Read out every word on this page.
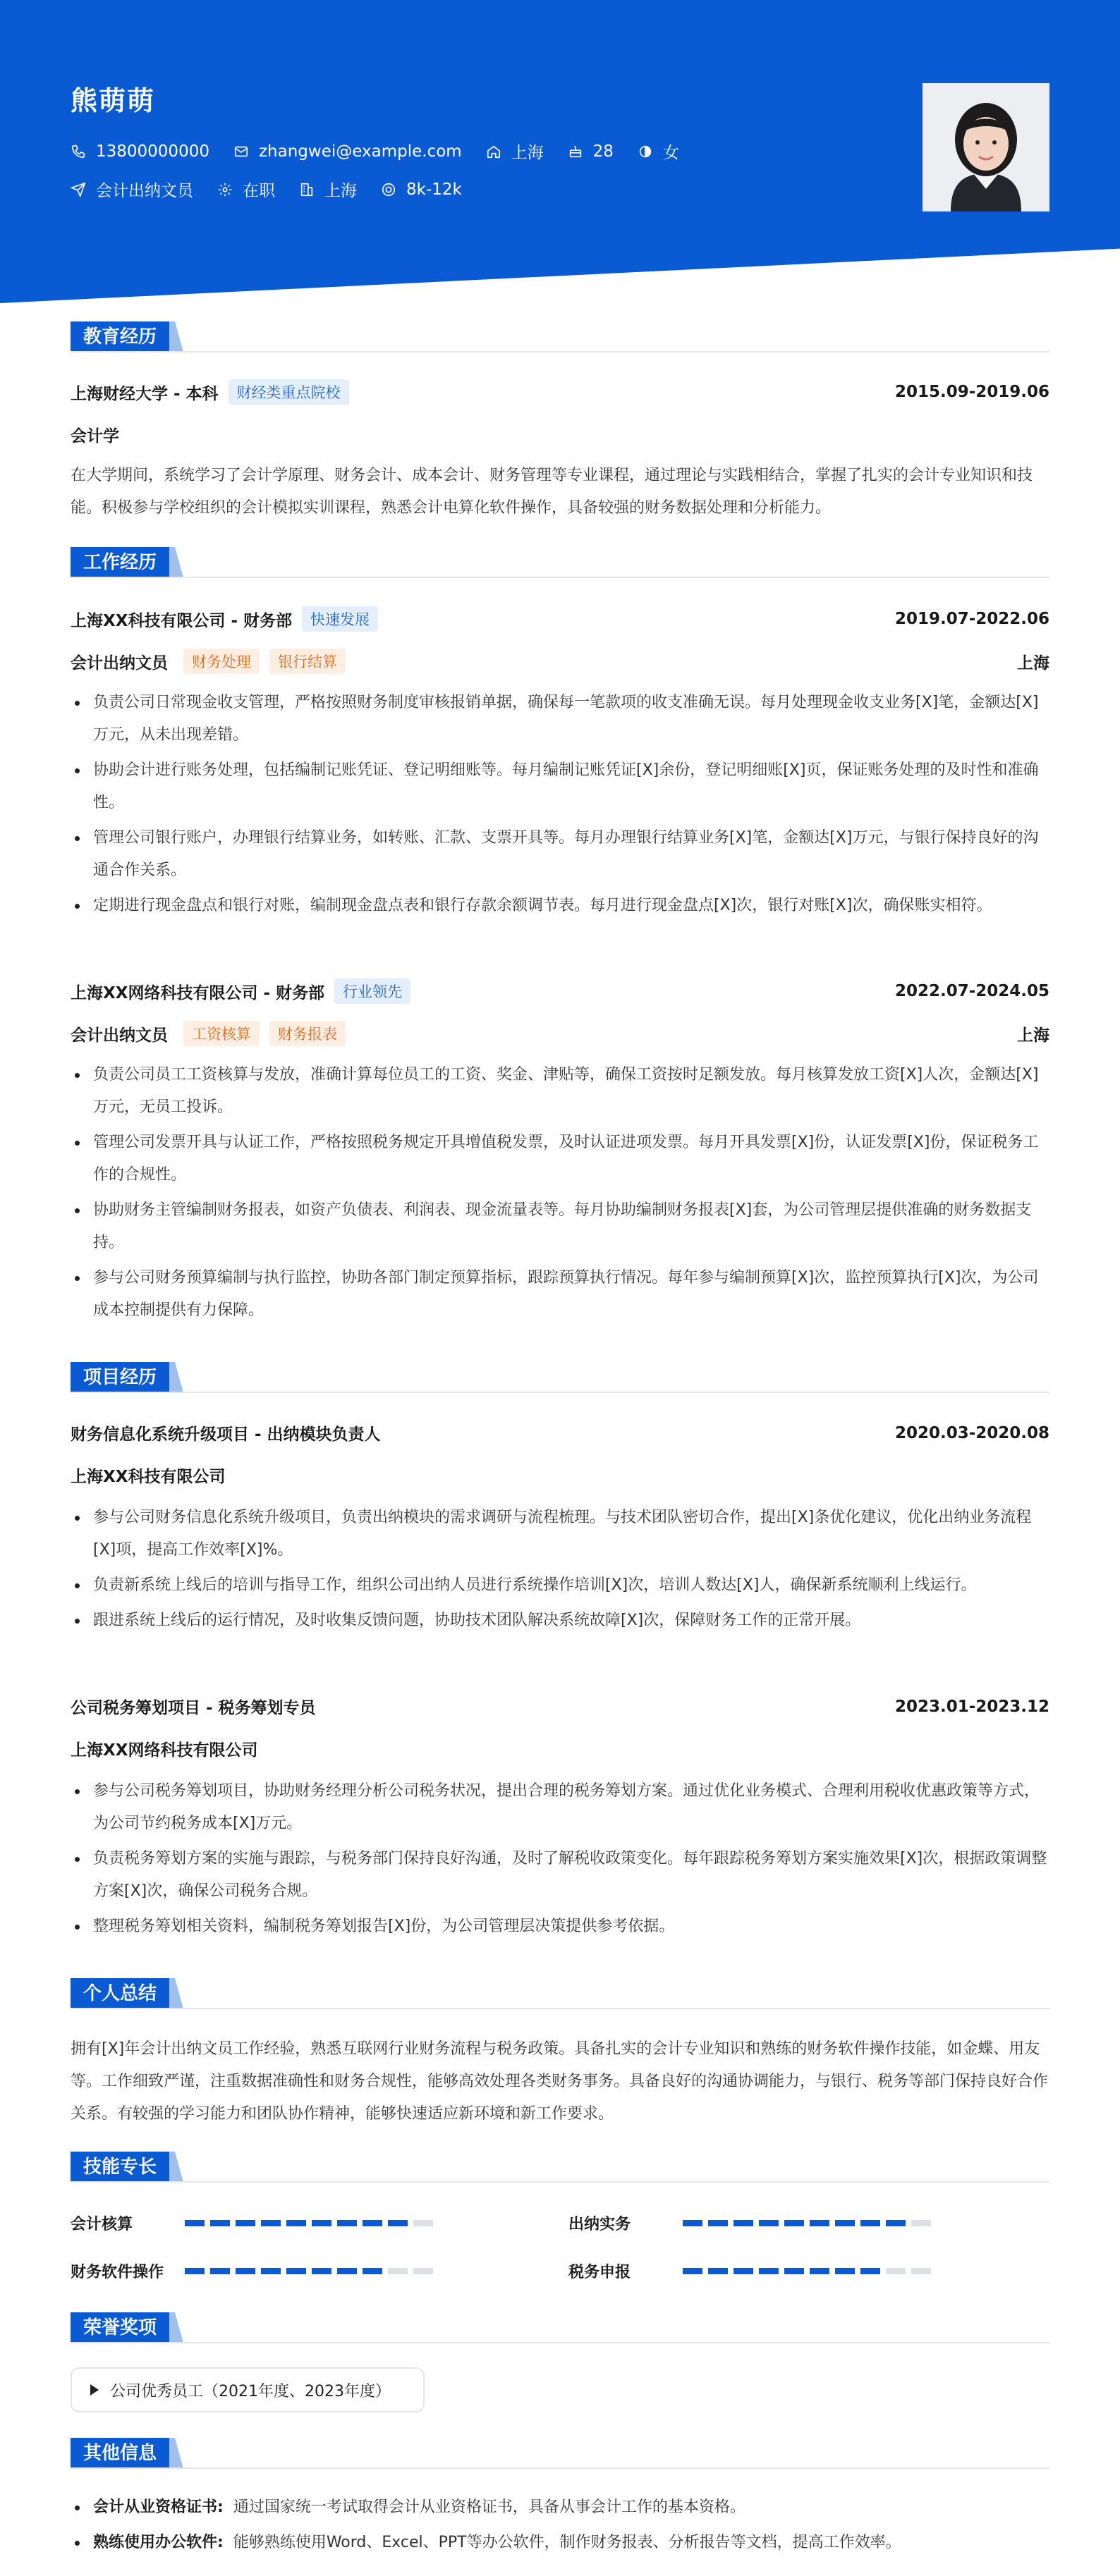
熊萌萌
13800000000	zhangwei@example.com	上海	28	女
会计出纳文员	在职	上海	8k-12k
教育经历
上海财经大学 - 本科	财经类重点院校	2015.09-2019.06
会计学
在大学期间，系统学习了会计学原理、财务会计、成本会计、财务管理等专业课程，通过理论与实践相结合，掌握了扎实的会计专业知识和技能。积极参与学校组织的会计模拟实训课程，熟悉会计电算化软件操作，具备较强的财务数据处理和分析能力。
工作经历
上海XX科技有限公司 - 财务部	快速发展	2019.07-2022.06
会计出纳文员	财务处理	银行结算	上海
负责公司日常现金收支管理，严格按照财务制度审核报销单据，确保每一笔款项的收支准确无误。每月处理现金收支业务[X]笔，金额达[X]万元，从未出现差错。
协助会计进行账务处理，包括编制记账凭证、登记明细账等。每月编制记账凭证[X]余份，登记明细账[X]页，保证账务处理的及时性和准确性。
管理公司银行账户，办理银行结算业务，如转账、汇款、支票开具等。每月办理银行结算业务[X]笔，金额达[X]万元，与银行保持良好的沟通合作关系。
定期进行现金盘点和银行对账，编制现金盘点表和银行存款余额调节表。每月进行现金盘点[X]次，银行对账[X]次，确保账实相符。
上海XX网络科技有限公司 - 财务部	行业领先	2022.07-2024.05
会计出纳文员	工资核算	财务报表	上海
负责公司员工工资核算与发放，准确计算每位员工的工资、奖金、津贴等，确保工资按时足额发放。每月核算发放工资[X]人次，金额达[X]万元，无员工投诉。
管理公司发票开具与认证工作，严格按照税务规定开具增值税发票，及时认证进项发票。每月开具发票[X]份，认证发票[X]份，保证税务工作的合规性。
协助财务主管编制财务报表，如资产负债表、利润表、现金流量表等。每月协助编制财务报表[X]套，为公司管理层提供准确的财务数据支持。
参与公司财务预算编制与执行监控，协助各部门制定预算指标，跟踪预算执行情况。每年参与编制预算[X]次，监控预算执行[X]次，为公司成本控制提供有力保障。
项目经历
财务信息化系统升级项目 - 出纳模块负责人	2020.03-2020.08
上海XX科技有限公司
参与公司财务信息化系统升级项目，负责出纳模块的需求调研与流程梳理。与技术团队密切合作，提出[X]条优化建议，优化出纳业务流程[X]项，提高工作效率[X]%。
负责新系统上线后的培训与指导工作，组织公司出纳人员进行系统操作培训[X]次，培训人数达[X]人，确保新系统顺利上线运行。
跟进系统上线后的运行情况，及时收集反馈问题，协助技术团队解决系统故障[X]次，保障财务工作的正常开展。
公司税务筹划项目 - 税务筹划专员	2023.01-2023.12
上海XX网络科技有限公司
参与公司税务筹划项目，协助财务经理分析公司税务状况，提出合理的税务筹划方案。通过优化业务模式、合理利用税收优惠政策等方式，为公司节约税务成本[X]万元。
负责税务筹划方案的实施与跟踪，与税务部门保持良好沟通，及时了解税收政策变化。每年跟踪税务筹划方案实施效果[X]次，根据政策调整方案[X]次，确保公司税务合规。
整理税务筹划相关资料，编制税务筹划报告[X]份，为公司管理层决策提供参考依据。
个人总结
拥有[X]年会计出纳文员工作经验，熟悉互联网行业财务流程与税务政策。具备扎实的会计专业知识和熟练的财务软件操作技能，如金蝶、用友等。工作细致严谨，注重数据准确性和财务合规性，能够高效处理各类财务事务。具备良好的沟通协调能力，与银行、税务等部门保持良好合作关系。有较强的学习能力和团队协作精神，能够快速适应新环境和新工作要求。
技能专长
会计核算	出纳实务
财务软件操作	税务申报
荣誉奖项
公司优秀员工（2021年度、2023年度）
其他信息
会计从业资格证书: 通过国家统一考试取得会计从业资格证书，具备从事会计工作的基本资格。
熟练使用办公软件: 能够熟练使用Word、Excel、PPT等办公软件，制作财务报表、分析报告等文档，提高工作效率。
